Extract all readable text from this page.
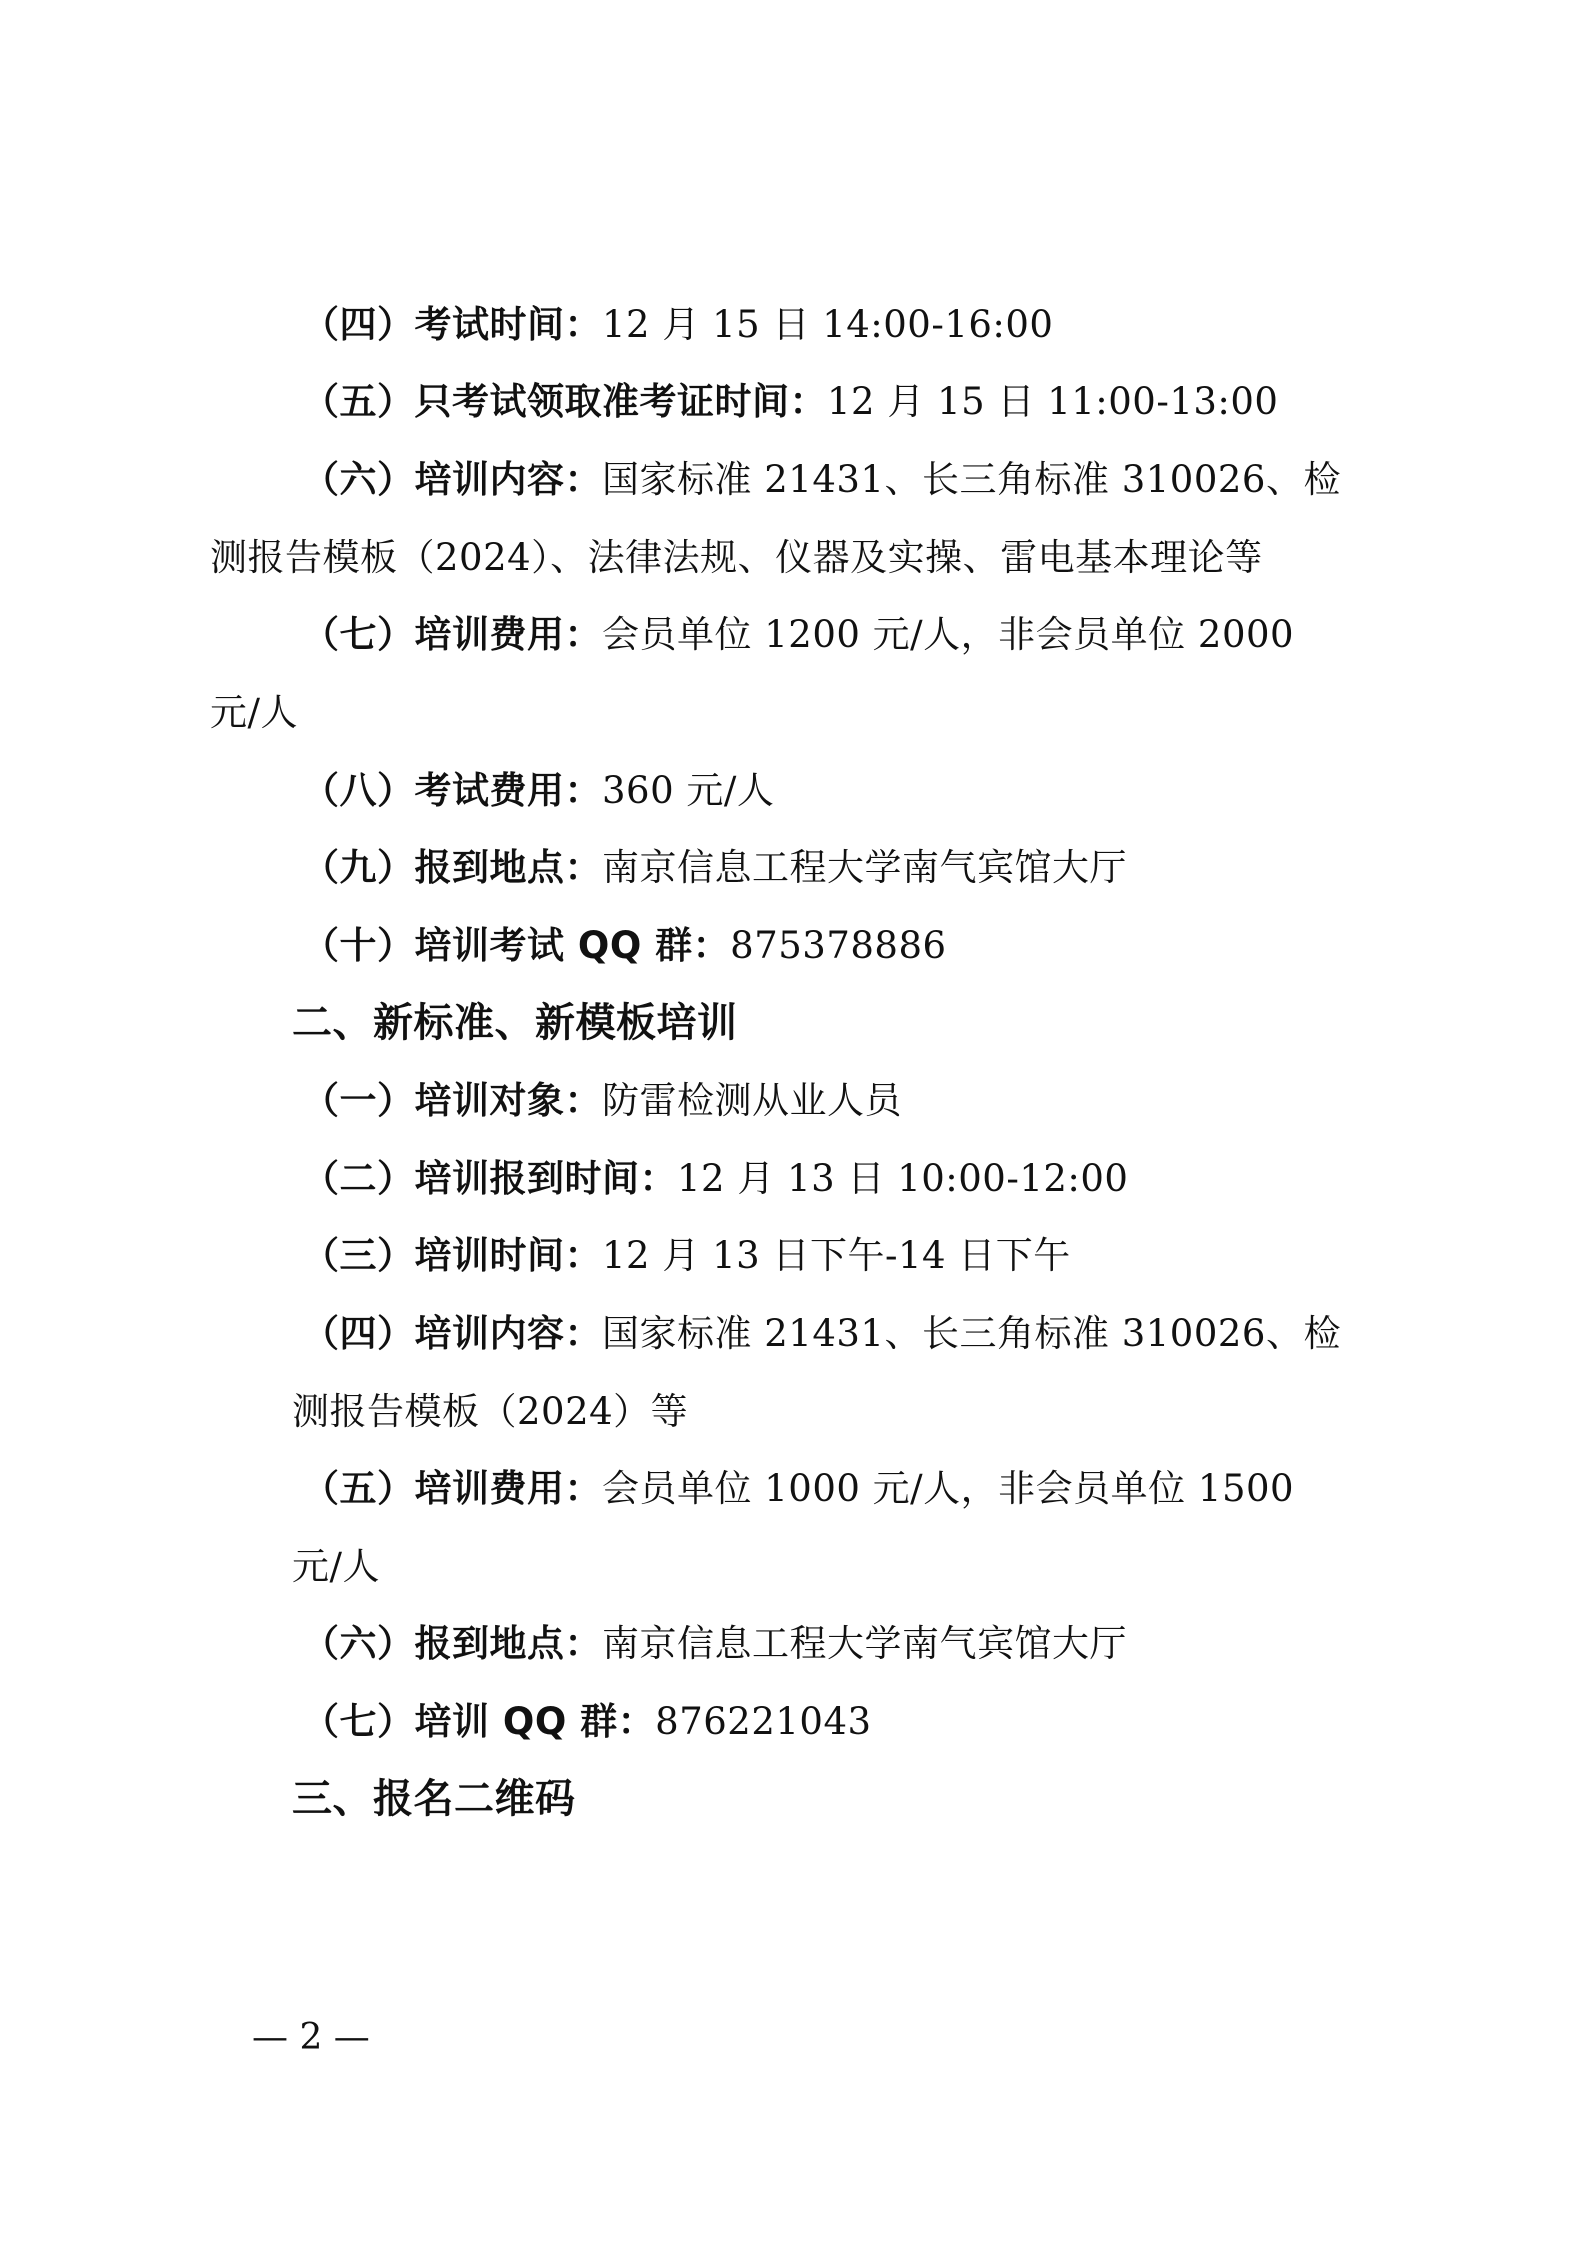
（四）考试时间：12 月 15 日 14:00-16:00
（五）只考试领取准考证时间：12 月 15 日 11:00-13:00
（六）培训内容：国家标准 21431、长三角标准 310026、检
测报告模板（2024）、法律法规、仪器及实操、雷电基本理论等
（七）培训费用：会员单位 1200 元/人，非会员单位 2000
元/人
（八）考试费用：360 元/人
（九）报到地点：南京信息工程大学南气宾馆大厅
（十）培训考试 QQ 群：875378886
二、新标准、新模板培训
（一）培训对象：防雷检测从业人员
（二）培训报到时间：12 月 13 日 10:00-12:00
（三）培训时间：12 月 13 日下午-14 日下午
（四）培训内容：国家标准 21431、长三角标准 310026、检
测报告模板（2024）等
（五）培训费用：会员单位 1000 元/人，非会员单位 1500
元/人
（六）报到地点：南京信息工程大学南气宾馆大厅
（七）培训 QQ 群：876221043
三、报名二维码
— 2 —
